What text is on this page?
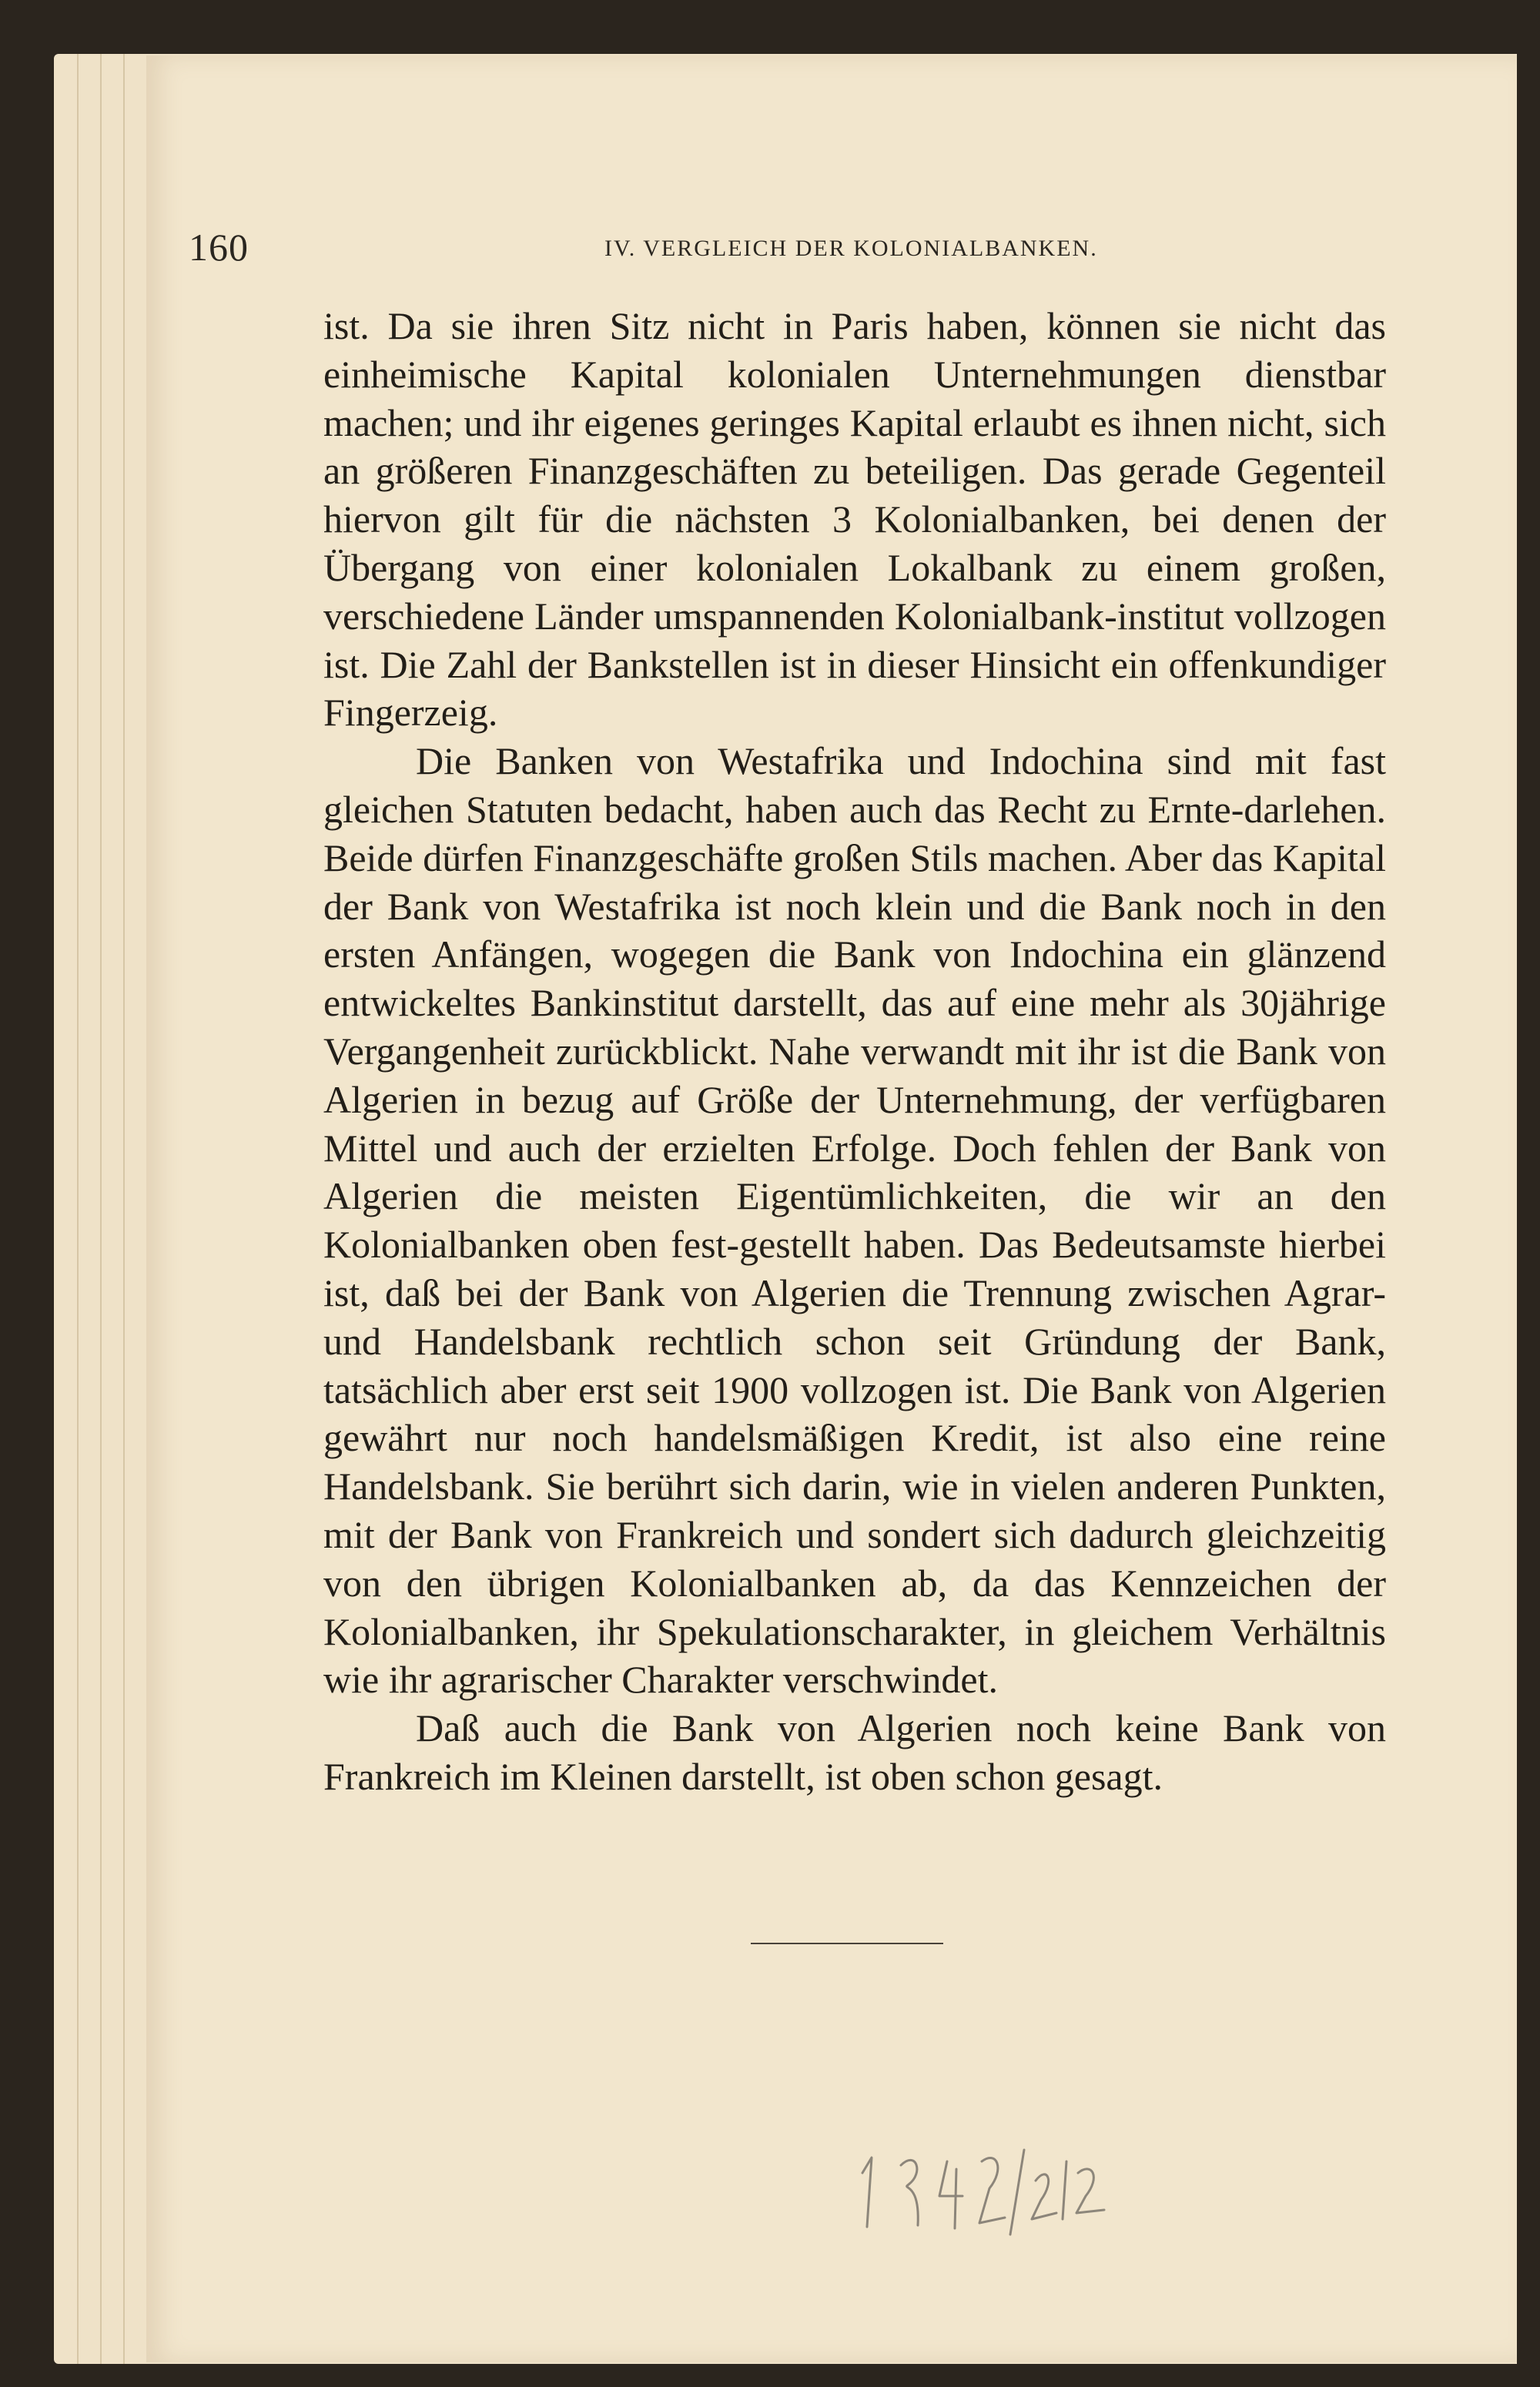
160	IV. VERGLEICH DER KOLONIALBANKEN.

ist. Da sie ihren Sitz nicht in Paris haben, können sie nicht das einheimische Kapital kolonialen Unternehmungen dienstbar machen; und ihr eigenes geringes Kapital erlaubt es ihnen nicht, sich an größeren Finanzgeschäften zu beteiligen. Das gerade Gegenteil hiervon gilt für die nächsten 3 Kolonialbanken, bei denen der Übergang von einer kolonialen Lokalbank zu einem großen, verschiedene Länder umspannenden Kolonialbank-institut vollzogen ist. Die Zahl der Bankstellen ist in dieser Hinsicht ein offenkundiger Fingerzeig.

Die Banken von Westafrika und Indochina sind mit fast gleichen Statuten bedacht, haben auch das Recht zu Ernte-darlehen. Beide dürfen Finanzgeschäfte großen Stils machen. Aber das Kapital der Bank von Westafrika ist noch klein und die Bank noch in den ersten Anfängen, wogegen die Bank von Indochina ein glänzend entwickeltes Bankinstitut darstellt, das auf eine mehr als 30jährige Vergangenheit zurückblickt. Nahe verwandt mit ihr ist die Bank von Algerien in bezug auf Größe der Unternehmung, der verfügbaren Mittel und auch der erzielten Erfolge. Doch fehlen der Bank von Algerien die meisten Eigentümlichkeiten, die wir an den Kolonialbanken oben fest-gestellt haben. Das Bedeutsamste hierbei ist, daß bei der Bank von Algerien die Trennung zwischen Agrar- und Handelsbank rechtlich schon seit Gründung der Bank, tatsächlich aber erst seit 1900 vollzogen ist. Die Bank von Algerien gewährt nur noch handelsmäßigen Kredit, ist also eine reine Handelsbank. Sie berührt sich darin, wie in vielen anderen Punkten, mit der Bank von Frankreich und sondert sich dadurch gleichzeitig von den übrigen Kolonialbanken ab, da das Kennzeichen der Kolonialbanken, ihr Spekulationscharakter, in gleichem Verhältnis wie ihr agrarischer Charakter verschwindet.

Daß auch die Bank von Algerien noch keine Bank von Frankreich im Kleinen darstellt, ist oben schon gesagt.
